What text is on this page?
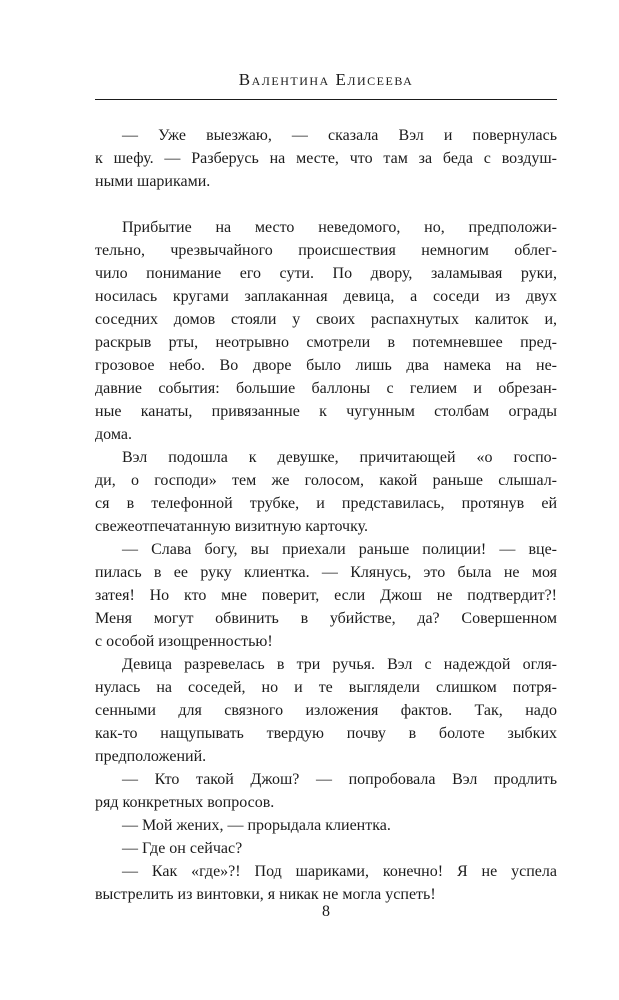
Валентина Елисеева
— Уже выезжаю, — сказала Вэл и повернулась
к шефу. — Разберусь на месте, что там за беда с воздуш-
ными шариками.
Прибытие на место неведомого, но, предположи-
тельно, чрезвычайного происшествия немногим облег-
чило понимание его сути. По двору, заламывая руки,
носилась кругами заплаканная девица, а соседи из двух
соседних домов стояли у своих распахнутых калиток и,
раскрыв рты, неотрывно смотрели в потемневшее пред-
грозовое небо. Во дворе было лишь два намека на не-
давние события: большие баллоны с гелием и обрезан-
ные канаты, привязанные к чугунным столбам ограды
дома.
Вэл подошла к девушке, причитающей «о госпо-
ди, о господи» тем же голосом, какой раньше слышал-
ся в телефонной трубке, и представилась, протянув ей
свежеотпечатанную визитную карточку.
— Слава богу, вы приехали раньше полиции! — вце-
пилась в ее руку клиентка. — Клянусь, это была не моя
затея! Но кто мне поверит, если Джош не подтвердит?!
Меня могут обвинить в убийстве, да? Совершенном
с особой изощренностью!
Девица разревелась в три ручья. Вэл с надеждой огля-
нулась на соседей, но и те выглядели слишком потря-
сенными для связного изложения фактов. Так, надо
как-то нащупывать твердую почву в болоте зыбких
предположений.
— Кто такой Джош? — попробовала Вэл продлить
ряд конкретных вопросов.
— Мой жених, — прорыдала клиентка.
— Где он сейчас?
— Как «где»?! Под шариками, конечно! Я не успела
выстрелить из винтовки, я никак не могла успеть!
8
